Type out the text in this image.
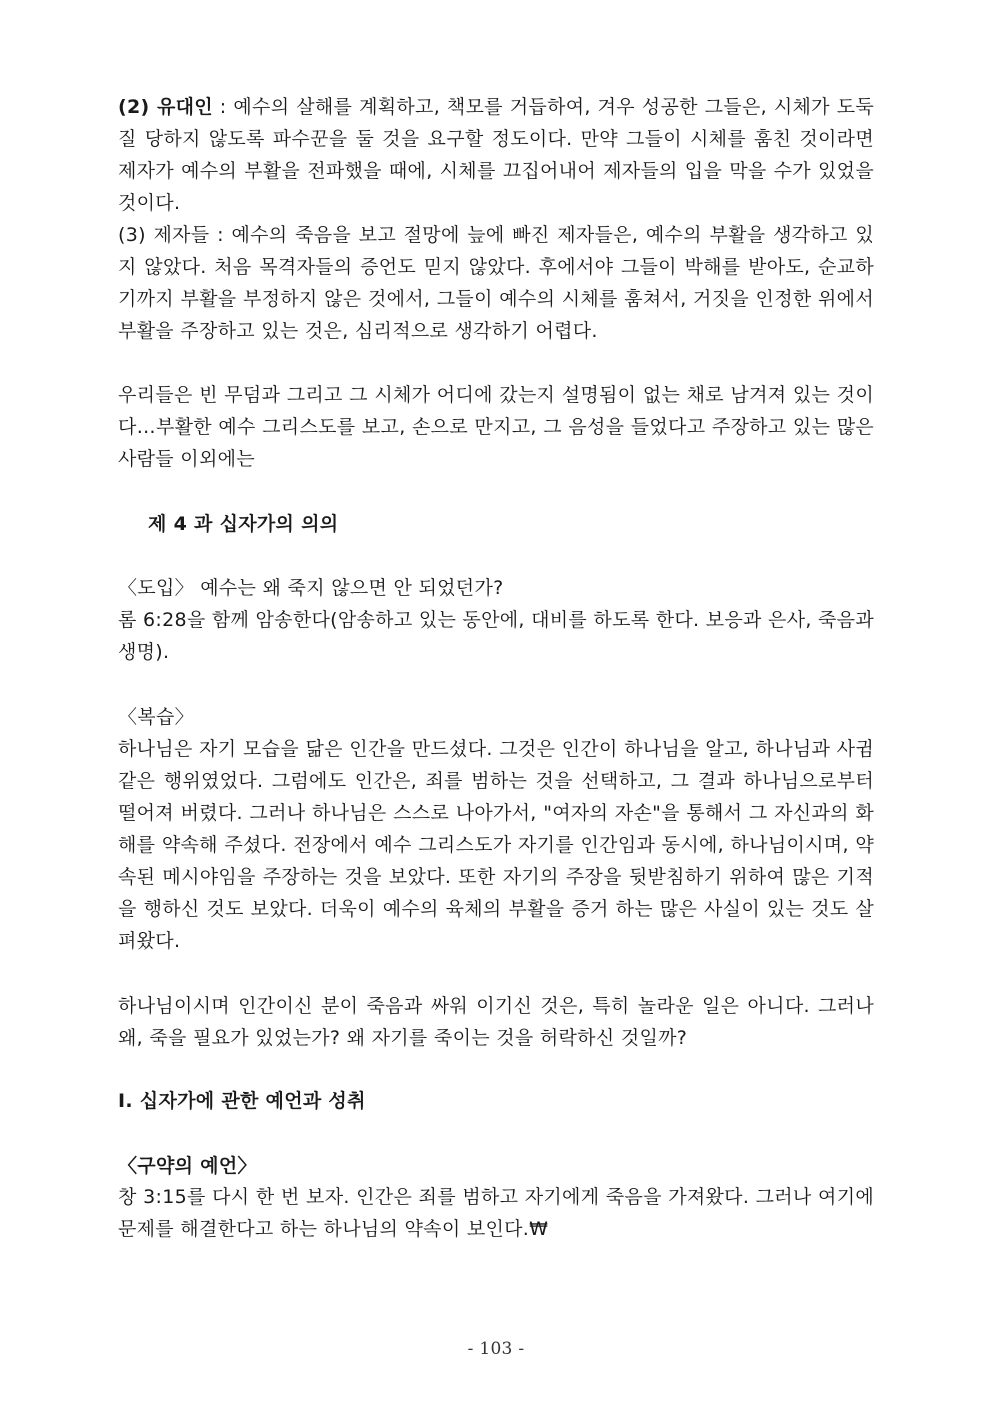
(2) 유대인 : 예수의 살해를 계획하고, 책모를 거듭하여, 겨우 성공한 그들은, 시체가 도둑질 당하지 않도록 파수꾼을 둘 것을 요구할 정도이다. 만약 그들이 시체를 훔친 것이라면 제자가 예수의 부활을 전파했을 때에, 시체를 끄집어내어 제자들의 입을 막을 수가 있었을 것이다.

(3) 제자들 : 예수의 죽음을 보고 절망에 늪에 빠진 제자들은, 예수의 부활을 생각하고 있지 않았다. 처음 목격자들의 증언도 믿지 않았다. 후에서야 그들이 박해를 받아도, 순교하기까지 부활을 부정하지 않은 것에서, 그들이 예수의 시체를 훔쳐서, 거짓을 인정한 위에서 부활을 주장하고 있는 것은, 심리적으로 생각하기 어렵다.

우리들은 빈 무덤과 그리고 그 시체가 어디에 갔는지 설명됨이 없는 채로 남겨져 있는 것이다…부활한 예수 그리스도를 보고, 손으로 만지고, 그 음성을 들었다고 주장하고 있는 많은 사람들 이외에는

제 4 과 십자가의 의의

〈도입〉 예수는 왜 죽지 않으면 안 되었던가?

롬 6:28을 함께 암송한다(암송하고 있는 동안에, 대비를 하도록 한다. 보응과 은사, 죽음과 생명).

〈복습〉

하나님은 자기 모습을 닮은 인간을 만드셨다. 그것은 인간이 하나님을 알고, 하나님과 사귐 같은 행위였었다. 그럼에도 인간은, 죄를 범하는 것을 선택하고, 그 결과 하나님으로부터 떨어져 버렸다. 그러나 하나님은 스스로 나아가서, "여자의 자손"을 통해서 그 자신과의 화해를 약속해 주셨다. 전장에서 예수 그리스도가 자기를 인간임과 동시에, 하나님이시며, 약속된 메시야임을 주장하는 것을 보았다. 또한 자기의 주장을 뒷받침하기 위하여 많은 기적을 행하신 것도 보았다. 더욱이 예수의 육체의 부활을 증거 하는 많은 사실이 있는 것도 살펴왔다.

하나님이시며 인간이신 분이 죽음과 싸워 이기신 것은, 특히 놀라운 일은 아니다. 그러나 왜, 죽을 필요가 있었는가? 왜 자기를 죽이는 것을 허락하신 것일까?

Ⅰ. 십자가에 관한 예언과 성취

〈구약의 예언〉

창 3:15를 다시 한 번 보자. 인간은 죄를 범하고 자기에게 죽음을 가져왔다. 그러나 여기에 문제를 해결한다고 하는 하나님의 약속이 보인다.₩

- 103 -
